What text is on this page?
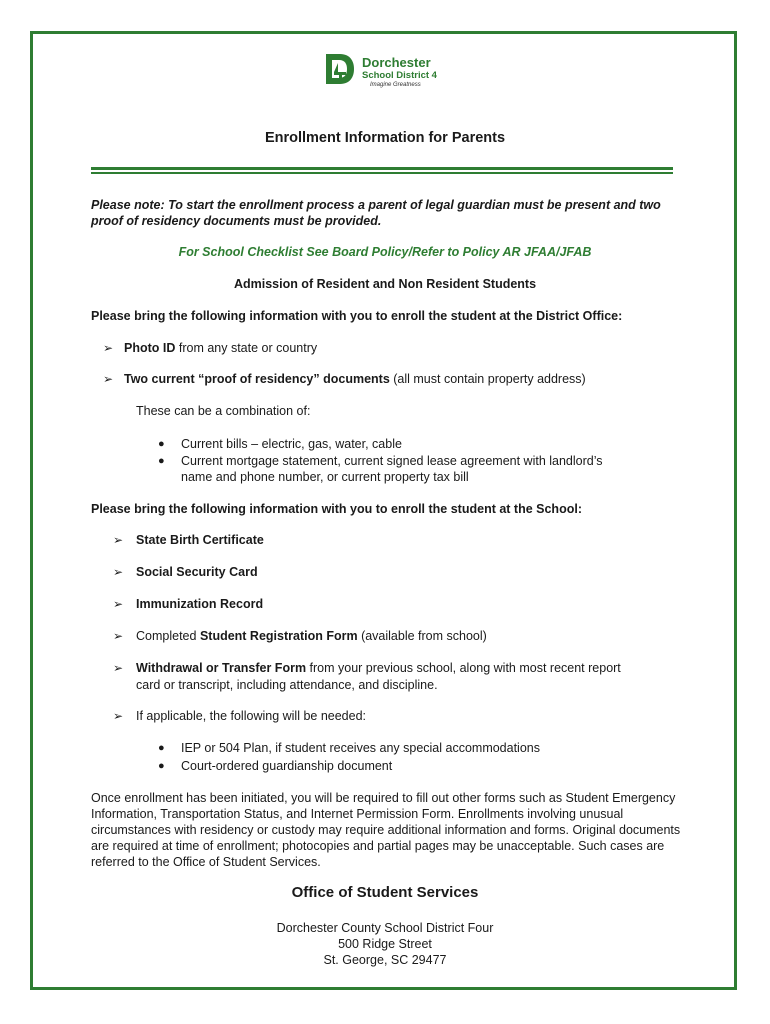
Dorchester
School District 4
Imagine Greatness
Enrollment Information for Parents
Please note: To start the enrollment process a parent of legal guardian must be present and two proof of residency documents must be provided.
For School Checklist See Board Policy/Refer to Policy AR JFAA/JFAB
Admission of Resident and Non Resident Students
Please bring the following information with you to enroll the student at the District Office:
➢ Photo ID from any state or country
➢ Two current “proof of residency” documents (all must contain property address)
These can be a combination of:
● Current bills – electric, gas, water, cable
● Current mortgage statement, current signed lease agreement with landlord’s
name and phone number, or current property tax bill
Please bring the following information with you to enroll the student at the School:
➢ State Birth Certificate
➢ Social Security Card
➢ Immunization Record
➢ Completed Student Registration Form (available from school)
➢ Withdrawal or Transfer Form from your previous school, along with most recent report
card or transcript, including attendance, and discipline.
➢ If applicable, the following will be needed:
● IEP or 504 Plan, if student receives any special accommodations
● Court-ordered guardianship document
Once enrollment has been initiated, you will be required to fill out other forms such as Student Emergency Information, Transportation Status, and Internet Permission Form. Enrollments involving unusual circumstances with residency or custody may require additional information and forms. Original documents are required at time of enrollment; photocopies and partial pages may be unacceptable. Such cases are referred to the Office of Student Services.
Office of Student Services
Dorchester County School District Four
500 Ridge Street
St. George, SC 29477
